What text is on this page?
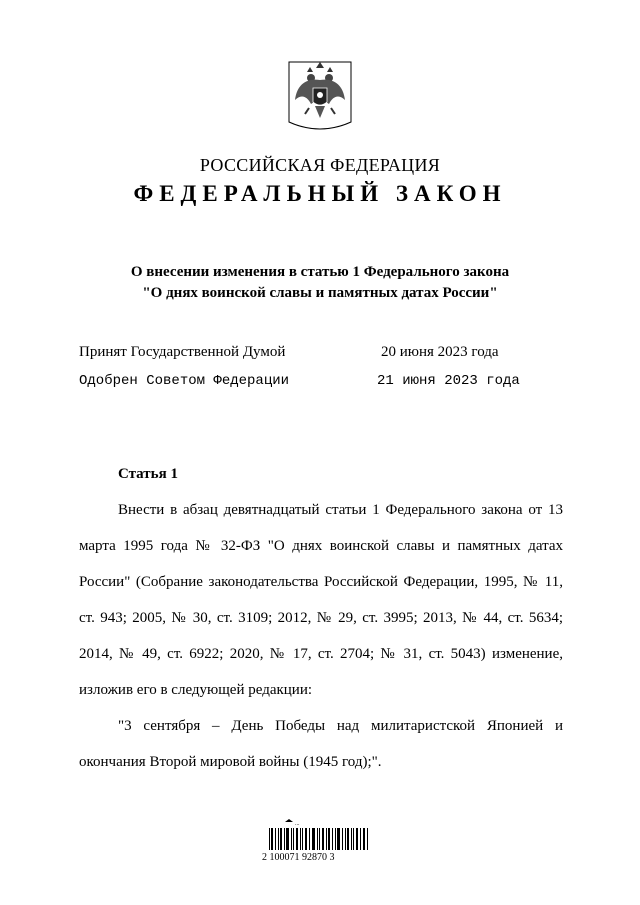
РОССИЙСКАЯ ФЕДЕРАЦИЯ
ФЕДЕРАЛЬНЫЙ ЗАКОН
О внесении изменения в статью 1 Федерального закона
"О днях воинской славы и памятных датах России"
Принят Государственной Думой	20 июня 2023 года
Одобрен Советом Федерации	21 июня 2023 года
Статья 1

Внести в абзац девятнадцатый статьи 1 Федерального закона от 13 марта 1995 года № 32-ФЗ "О днях воинской славы и памятных датах России" (Собрание законодательства Российской Федерации, 1995, № 11, ст. 943; 2005, № 30, ст. 3109; 2012, № 29, ст. 3995; 2013, № 44, ст. 5634; 2014, № 49, ст. 6922; 2020, № 17, ст. 2704; № 31, ст. 5043) изменение, изложив его в следующей редакции:

"3 сентября – День Победы над милитаристской Японией и окончания Второй мировой войны (1945 год);".

...
2 100071 92870 3
